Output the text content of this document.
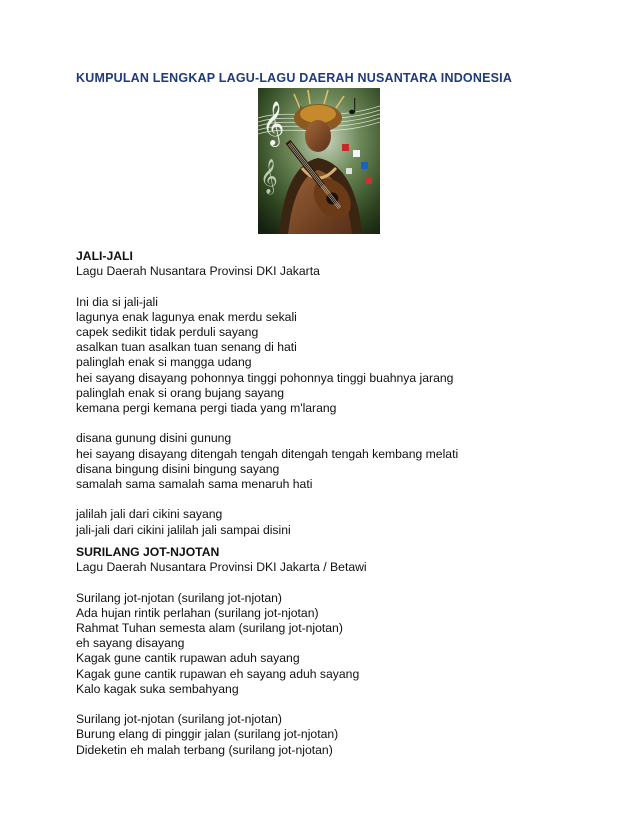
KUMPULAN LENGKAP LAGU-LAGU DAERAH NUSANTARA INDONESIA
𝄞
𝄞
JALI-JALI
Lagu Daerah Nusantara Provinsi DKI Jakarta
Ini dia si jali-jali
lagunya enak lagunya enak merdu sekali
capek sedikit tidak perduli sayang
asalkan tuan asalkan tuan senang di hati
palinglah enak si mangga udang
hei sayang disayang pohonnya tinggi pohonnya tinggi buahnya jarang
palinglah enak si orang bujang sayang
kemana pergi kemana pergi tiada yang m'larang
disana gunung disini gunung
hei sayang disayang ditengah tengah ditengah tengah kembang melati
disana bingung disini bingung sayang
samalah sama samalah sama menaruh hati
jalilah jali dari cikini sayang
jali-jali dari cikini jalilah jali sampai disini
SURILANG JOT-NJOTAN
Lagu Daerah Nusantara Provinsi DKI Jakarta / Betawi
Surilang jot-njotan (surilang jot-njotan)
Ada hujan rintik perlahan (surilang jot-njotan)
Rahmat Tuhan semesta alam (surilang jot-njotan)
eh sayang disayang
Kagak gune cantik rupawan aduh sayang
Kagak gune cantik rupawan eh sayang aduh sayang
Kalo kagak suka sembahyang
Surilang jot-njotan (surilang jot-njotan)
Burung elang di pinggir jalan (surilang jot-njotan)
Dideketin eh malah terbang (surilang jot-njotan)
